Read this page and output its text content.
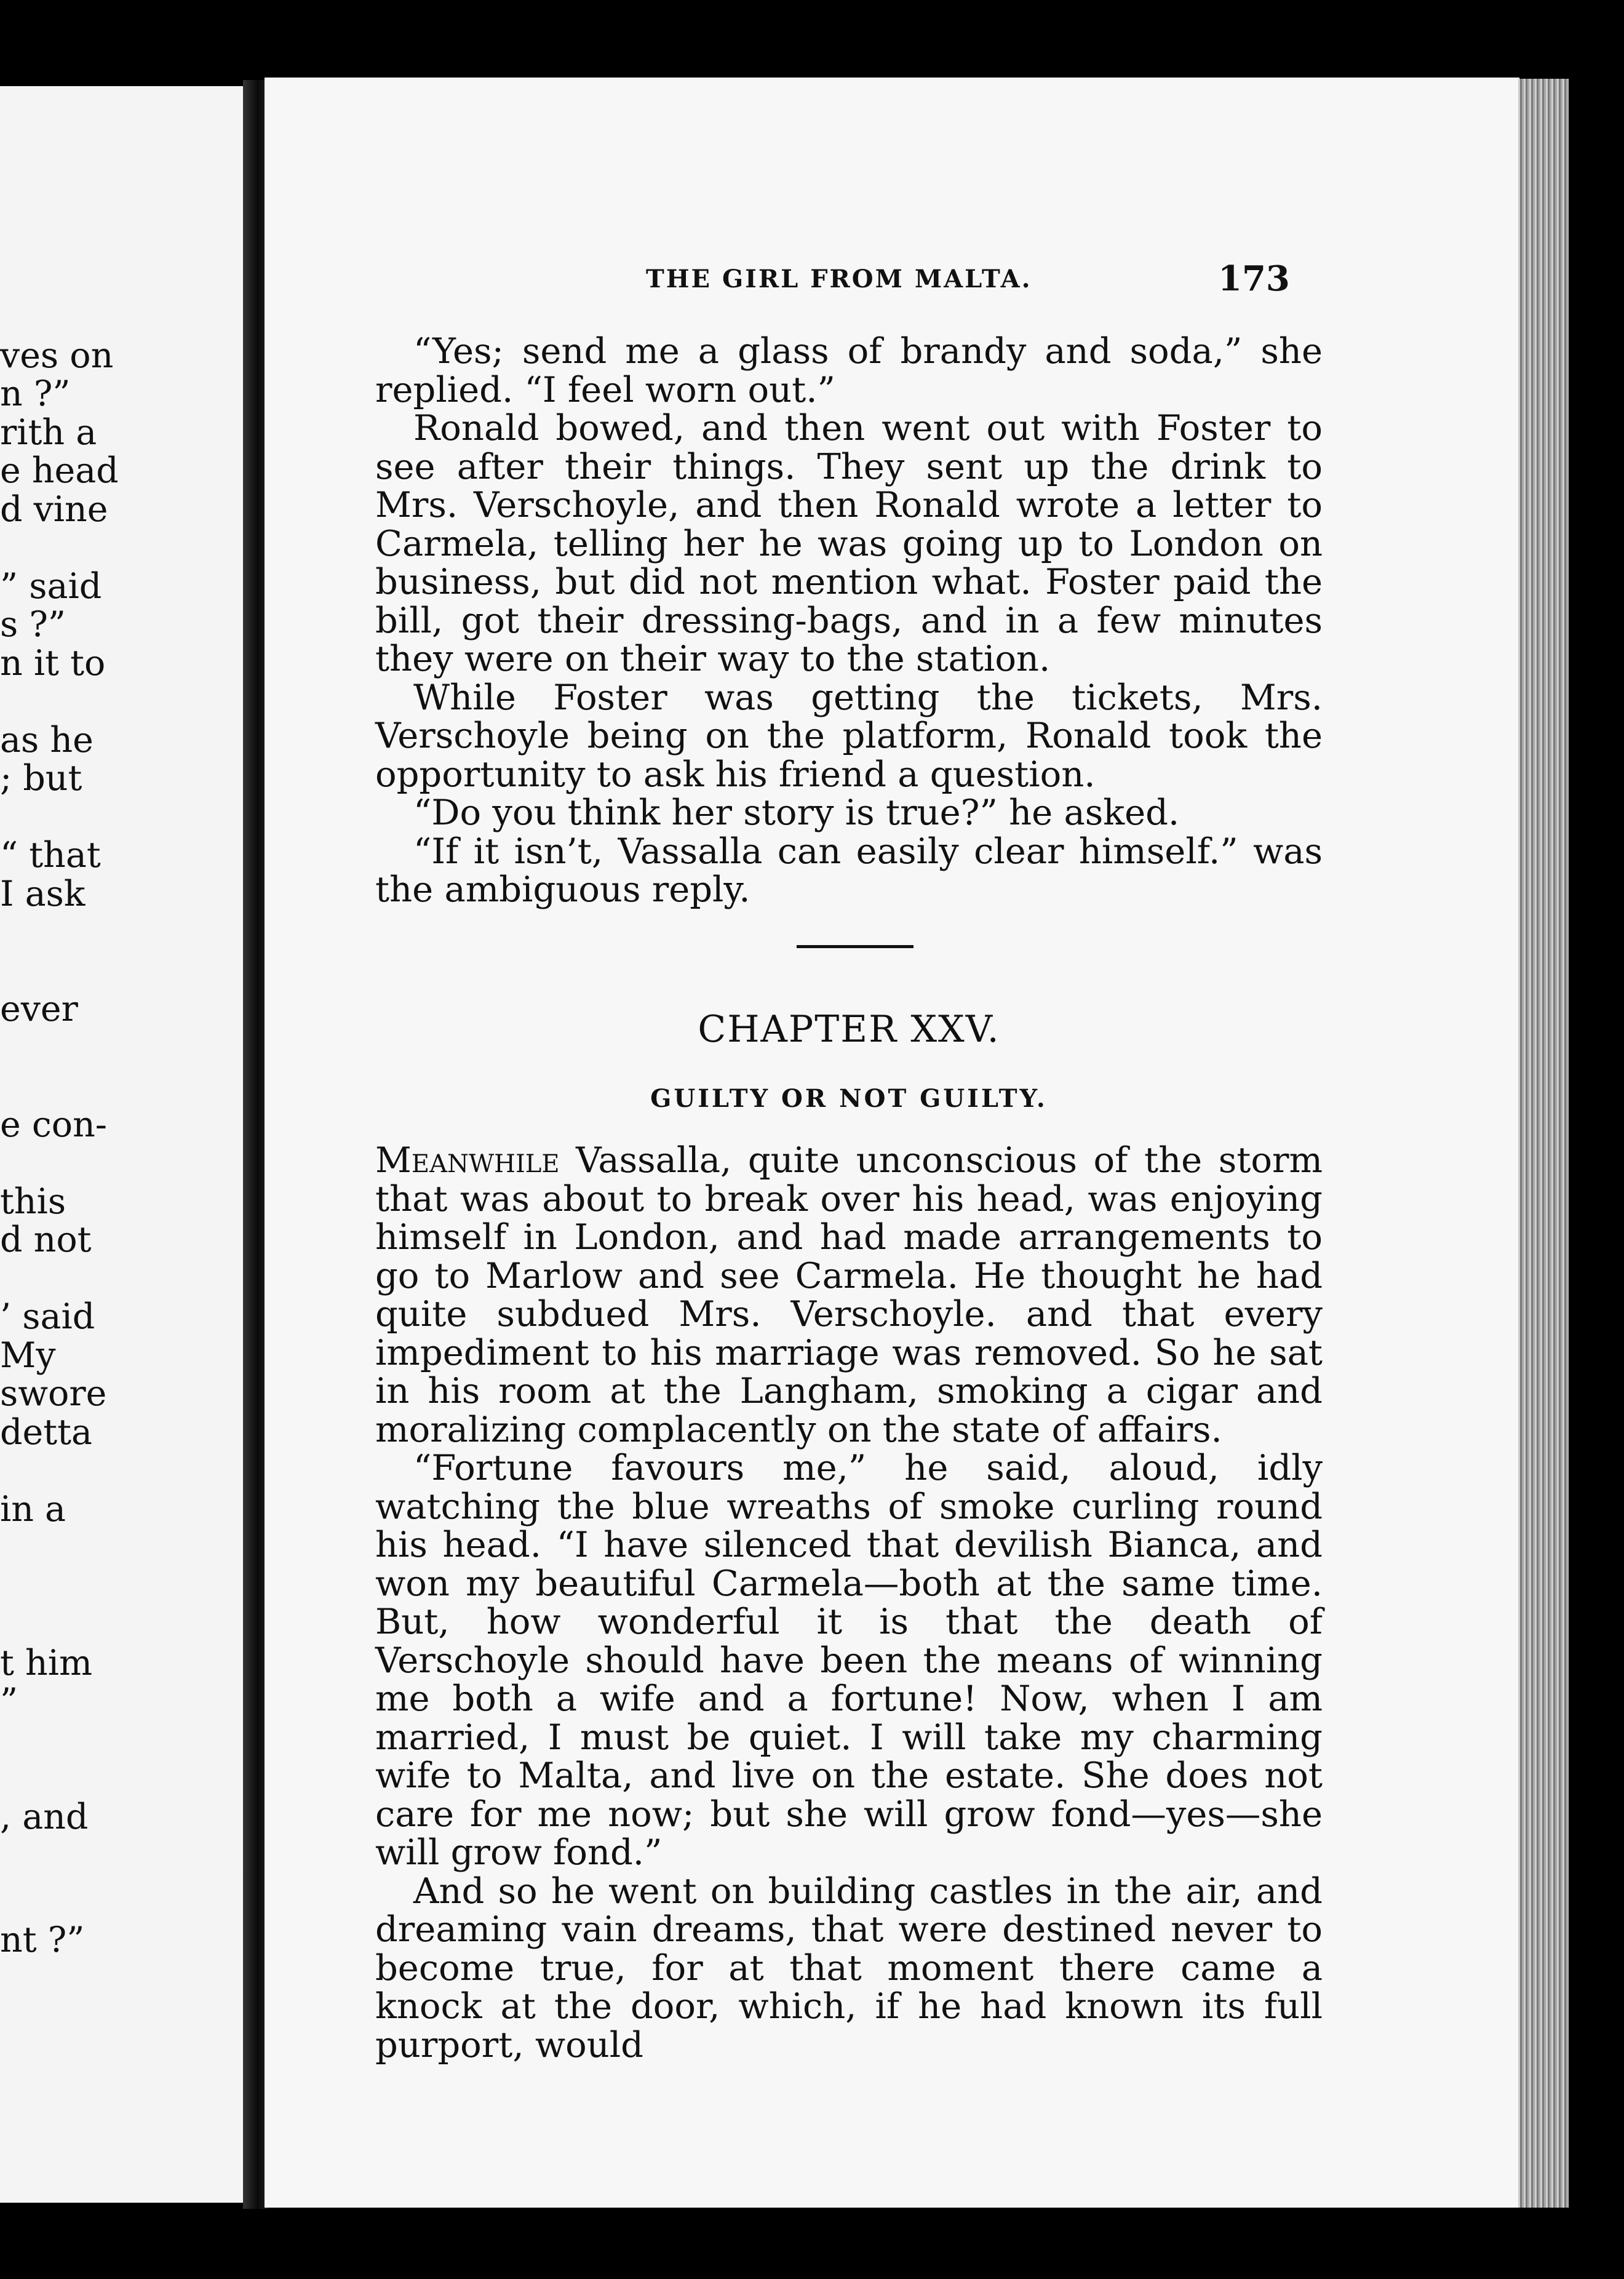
ves on
n ?”
rith a
e head
d vine
” said
s ?”
n it to
as he
; but
“ that
I ask
ever
e con-
this
d not
’ said
My
swore
detta
in a
t him
”
, and
nt ?”
THE GIRL FROM MALTA.	173

“Yes; send me a glass of brandy and soda,” she replied. “I feel worn out.”

Ronald bowed, and then went out with Foster to see after their things. They sent up the drink to Mrs. Verschoyle, and then Ronald wrote a letter to Carmela, telling her he was going up to London on business, but did not mention what. Foster paid the bill, got their dressing-bags, and in a few minutes they were on their way to the station.

While Foster was getting the tickets, Mrs. Verschoyle being on the platform, Ronald took the opportunity to ask his friend a question.

“Do you think her story is true?” he asked.

“If it isn’t, Vassalla can easily clear himself.” was the ambiguous reply.

CHAPTER XXV.
GUILTY OR NOT GUILTY.

Meanwhile Vassalla, quite unconscious of the storm that was about to break over his head, was enjoying himself in London, and had made arrangements to go to Marlow and see Carmela. He thought he had quite subdued Mrs. Verschoyle. and that every impediment to his marriage was removed. So he sat in his room at the Langham, smoking a cigar and moralizing complacently on the state of affairs.

“Fortune favours me,” he said, aloud, idly watching the blue wreaths of smoke curling round his head. “I have silenced that devilish Bianca, and won my beautiful Carmela—both at the same time. But, how wonderful it is that the death of Verschoyle should have been the means of winning me both a wife and a fortune! Now, when I am married, I must be quiet. I will take my charming wife to Malta, and live on the estate. She does not care for me now; but she will grow fond—yes—she will grow fond.”

And so he went on building castles in the air, and dreaming vain dreams, that were destined never to become true, for at that moment there came a knock at the door, which, if he had known its full purport, would
